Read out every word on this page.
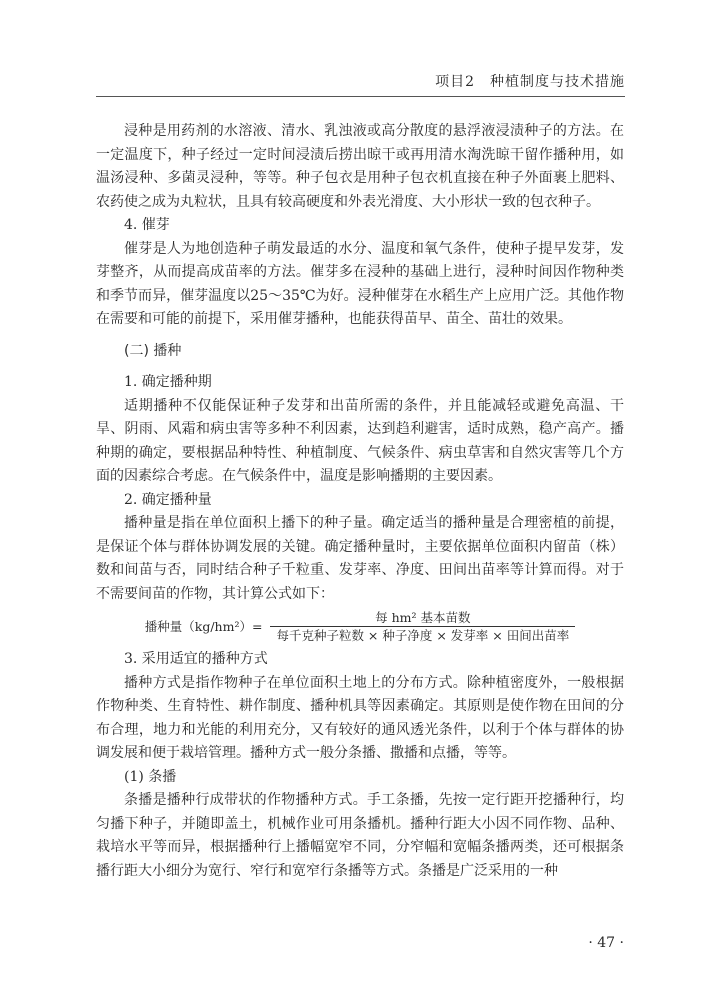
项目2　种植制度与技术措施

浸种是用药剂的水溶液、清水、乳浊液或高分散度的悬浮液浸渍种子的方法。在一定温度下，种子经过一定时间浸渍后捞出晾干或再用清水淘洗晾干留作播种用，如温汤浸种、多菌灵浸种，等等。种子包衣是用种子包衣机直接在种子外面裹上肥料、农药使之成为丸粒状，且具有较高硬度和外表光滑度、大小形状一致的包衣种子。

4. 催芽

催芽是人为地创造种子萌发最适的水分、温度和氧气条件，使种子提早发芽，发芽整齐，从而提高成苗率的方法。催芽多在浸种的基础上进行，浸种时间因作物种类和季节而异，催芽温度以25～35℃为好。浸种催芽在水稻生产上应用广泛。其他作物在需要和可能的前提下，采用催芽播种，也能获得苗早、苗全、苗壮的效果。

(二) 播种

1. 确定播种期

适期播种不仅能保证种子发芽和出苗所需的条件，并且能减轻或避免高温、干旱、阴雨、风霜和病虫害等多种不利因素，达到趋利避害，适时成熟，稳产高产。播种期的确定，要根据品种特性、种植制度、气候条件、病虫草害和自然灾害等几个方面的因素综合考虑。在气候条件中，温度是影响播期的主要因素。

2. 确定播种量

播种量是指在单位面积上播下的种子量。确定适当的播种量是合理密植的前提，是保证个体与群体协调发展的关键。确定播种量时，主要依据单位面积内留苗（株）数和间苗与否，同时结合种子千粒重、发芽率、净度、田间出苗率等计算而得。对于不需要间苗的作物，其计算公式如下：

播种量$(kg/hm^2)= \frac{\text{每 hm² 基本苗数}}{\text{每千克种子粒数 × 种子净度 × 发芽率 × 田间出苗率}}$

3. 采用适宜的播种方式

播种方式是指作物种子在单位面积土地上的分布方式。除种植密度外，一般根据作物种类、生育特性、耕作制度、播种机具等因素确定。其原则是使作物在田间的分布合理，地力和光能的利用充分，又有较好的通风透光条件，以利于个体与群体的协调发展和便于栽培管理。播种方式一般分条播、撒播和点播，等等。

(1) 条播

条播是播种行成带状的作物播种方式。手工条播，先按一定行距开挖播种行，均匀播下种子，并随即盖土，机械作业可用条播机。播种行距大小因不同作物、品种、栽培水平等而异，根据播种行上播幅宽窄不同，分窄幅和宽幅条播两类，还可根据条播行距大小细分为宽行、窄行和宽窄行条播等方式。条播是广泛采用的一种

· 47 ·
